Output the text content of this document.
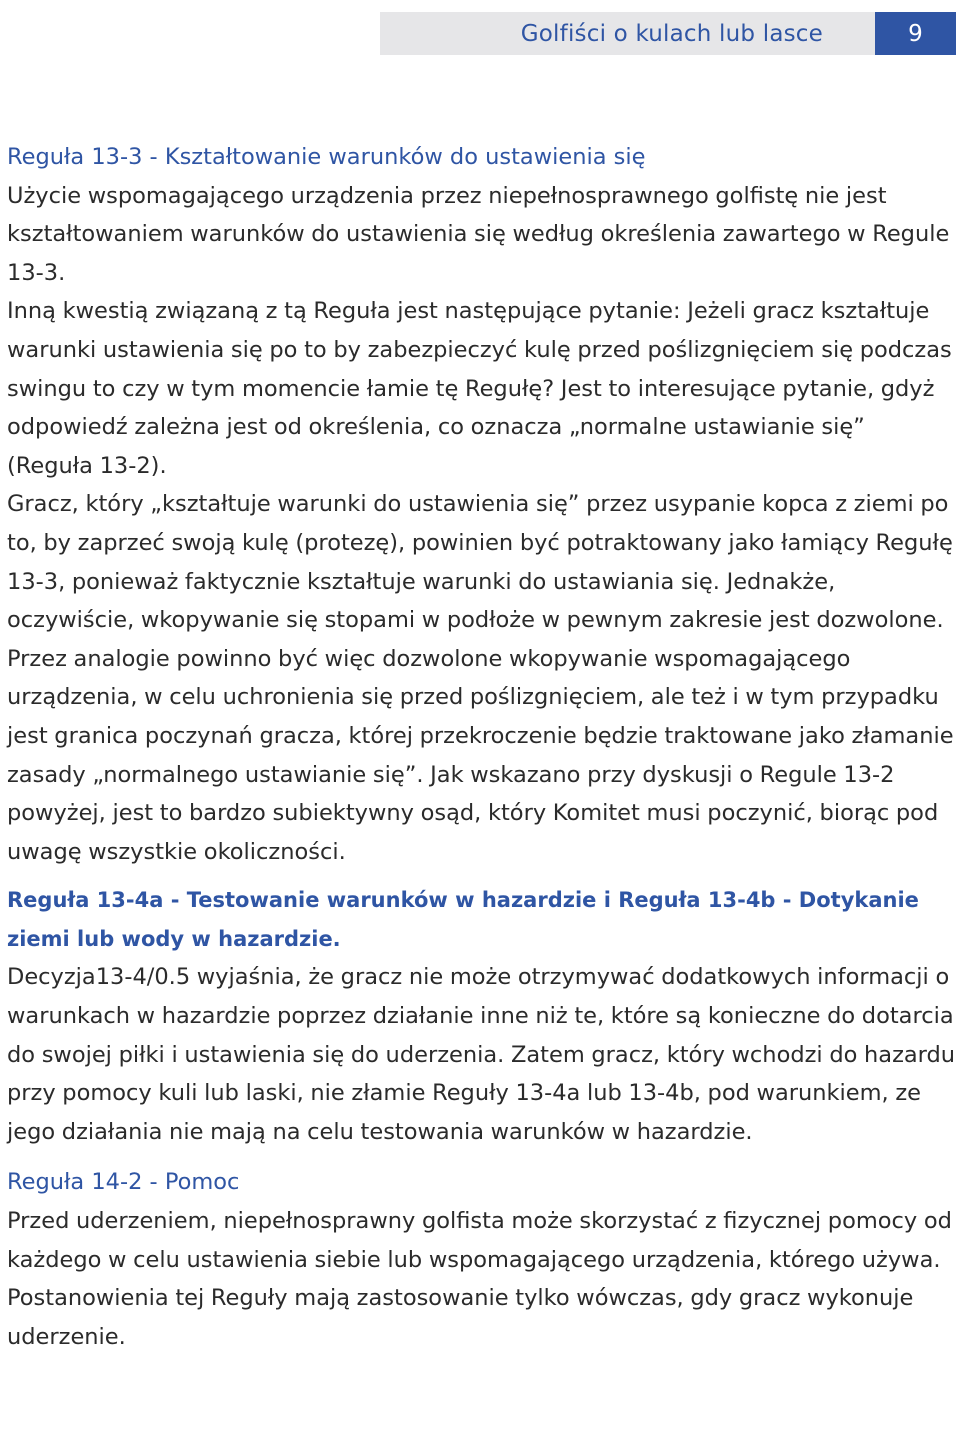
Golfiści o kulach lub lasce	9
Reguła 13-3 - Kształtowanie warunków do ustawienia się

Użycie wspomagającego urządzenia przez niepełnosprawnego golfistę nie jest kształtowaniem warunków do ustawienia się według określenia zawartego w Regule 13-3.

Inną kwestią związaną z tą Reguła jest następujące pytanie: Jeżeli gracz kształtuje warunki ustawienia się po to by zabezpieczyć kulę przed poślizgnięciem się podczas swingu to czy w tym momencie łamie tę Regułę? Jest to interesujące pytanie, gdyż odpowiedź zależna jest od określenia, co oznacza „normalne ustawianie się” (Reguła 13-2).

Gracz, który „kształtuje warunki do ustawienia się” przez usypanie kopca z ziemi po to, by zaprzeć swoją kulę (protezę), powinien być potraktowany jako łamiący Regułę 13-3, ponieważ faktycznie kształtuje warunki do ustawiania się. Jednakże, oczywiście, wkopywanie się stopami w podłoże w pewnym zakresie jest dozwolone. Przez analogie powinno być więc dozwolone wkopywanie wspomagającego urządzenia, w celu uchronienia się przed poślizgnięciem, ale też i w tym przypadku jest granica poczynań gracza, której przekroczenie będzie traktowane jako złamanie zasady „normalnego ustawianie się”. Jak wskazano przy dyskusji o Regule 13-2 powyżej, jest to bardzo subiektywny osąd, który Komitet musi poczynić, biorąc pod uwagę wszystkie okoliczności.

Reguła 13-4a - Testowanie warunków w hazardzie i Reguła 13-4b - Dotykanie ziemi lub wody w hazardzie.

Decyzja13-4/0.5 wyjaśnia, że gracz nie może otrzymywać dodatkowych informacji o warunkach w hazardzie poprzez działanie inne niż te, które są konieczne do dotarcia do swojej piłki i ustawienia się do uderzenia. Zatem gracz, który wchodzi do hazardu przy pomocy kuli lub laski, nie złamie Reguły 13-4a lub 13-4b, pod warunkiem, ze jego działania nie mają na celu testowania warunków w hazardzie.

Reguła 14-2 - Pomoc

Przed uderzeniem, niepełnosprawny golfista może skorzystać z fizycznej pomocy od każdego w celu ustawienia siebie lub wspomagającego urządzenia, którego używa. Postanowienia tej Reguły mają zastosowanie tylko wówczas, gdy gracz wykonuje uderzenie.
